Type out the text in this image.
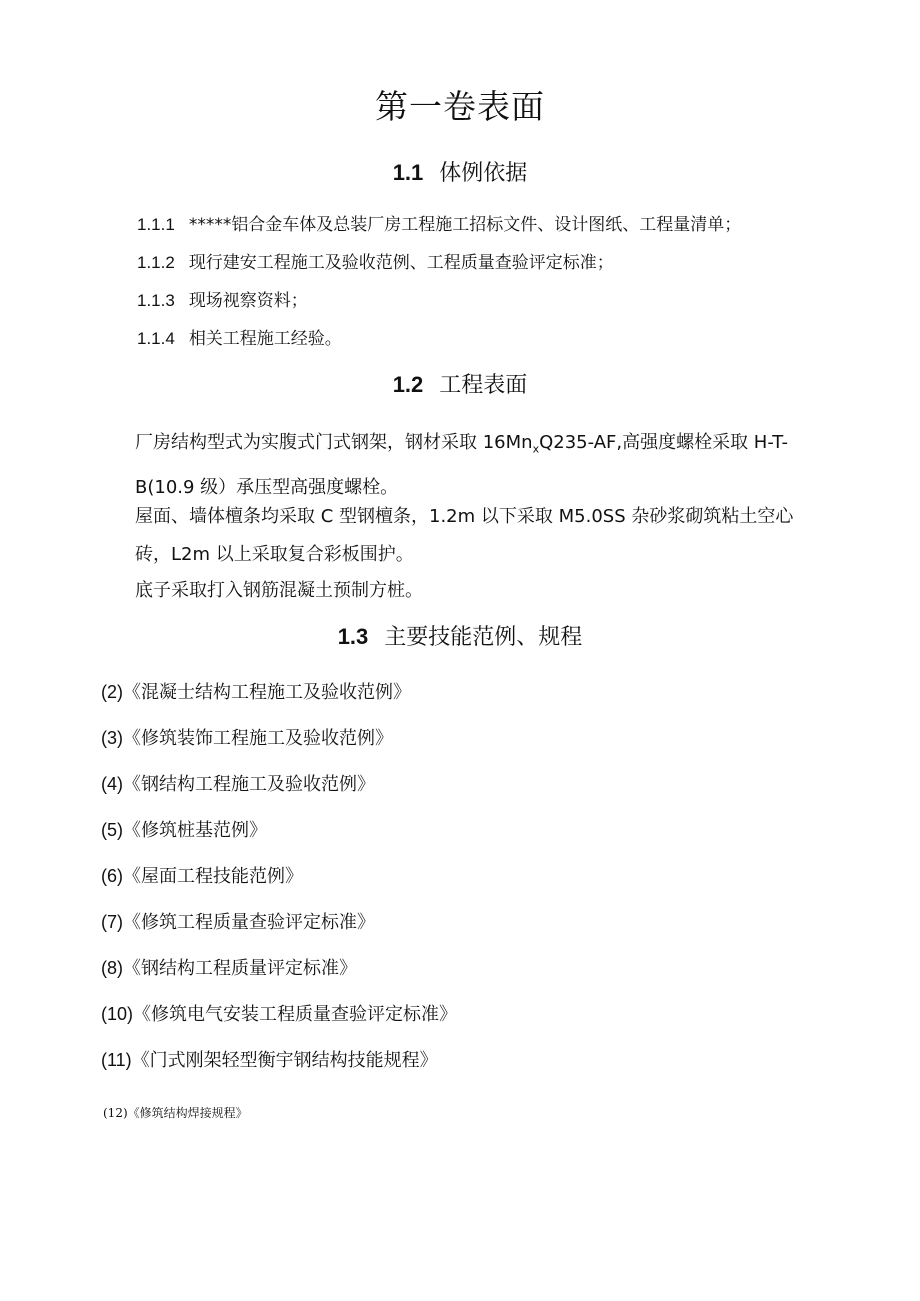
第一卷表面
1.1 体例依据
1.1.1 *****铝合金车体及总装厂房工程施工招标文件、设计图纸、工程量清单；
1.1.2 现行建安工程施工及验收范例、工程质量查验评定标准；
1.1.3 现场视察资料；
1.1.4 相关工程施工经验。
1.2 工程表面
厂房结构型式为实腹式门式钢架，钢材采取 $16Mn_xQ235-AF$,高强度螺栓采取 H-T-B(10.9 级）承压型高强度螺栓。
屋面、墙体檀条均采取 C 型钢檀条，1.2m 以下采取 M5.0SS 杂砂浆砌筑粘土空心砖，L2m 以上采取复合彩板围护。
底子采取打入钢筋混凝土预制方桩。
1.3 主要技能范例、规程
(2)《混凝士结构工程施工及验收范例》
(3)《修筑装饰工程施工及验收范例》
(4)《钢结构工程施工及验收范例》
(5)《修筑桩基范例》
(6)《屋面工程技能范例》
(7)《修筑工程质量查验评定标准》
(8)《钢结构工程质量评定标准》
(10)《修筑电气安装工程质量查验评定标准》
(11)《门式刚架轻型衡宇钢结构技能规程》
(12)《修筑结构焊接规程》
